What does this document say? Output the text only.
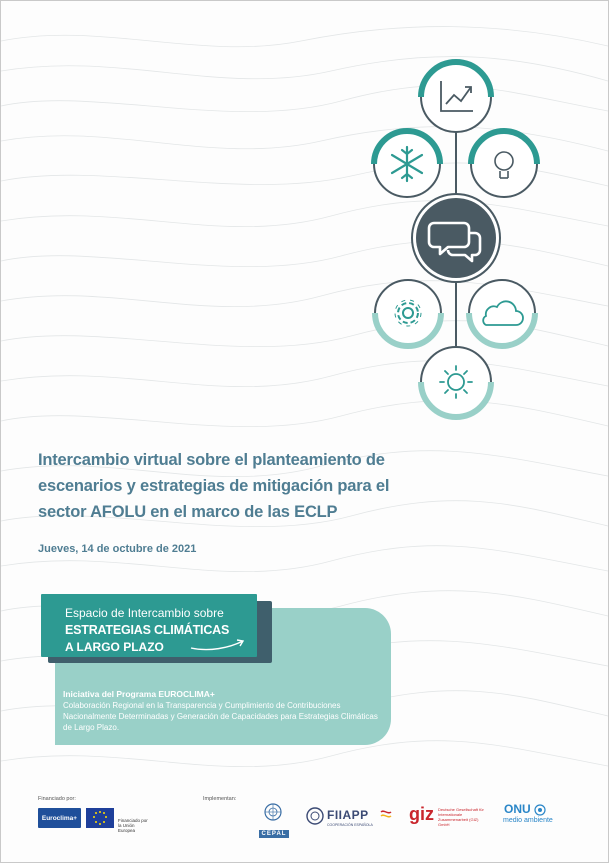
Intercambio virtual sobre el planteamiento de
escenarios y estrategias de mitigación para el
sector AFOLU en el marco de las ECLP
Jueves, 14 de octubre de 2021
Iniciativa del Programa EUROCLIMA+
Colaboración Regional en la Transparencia y Cumplimiento de Contribuciones Nacionalmente Determinadas y Generación de Capacidades para Estrategias Climáticas de Largo Plazo.
Espacio de Intercambio sobre
ESTRATEGIAS CLIMÁTICAS
A LARGO PLAZO
Financiado por:	Implementan:
Euroclima+	Financiado por la Unión Europea
CEPAL
FIIAPP
COOPERACIÓN ESPAÑOLA
giz Deutsche Gesellschaft für Internationale Zusammenarbeit (GIZ) GmbH
ONU
medio ambiente
